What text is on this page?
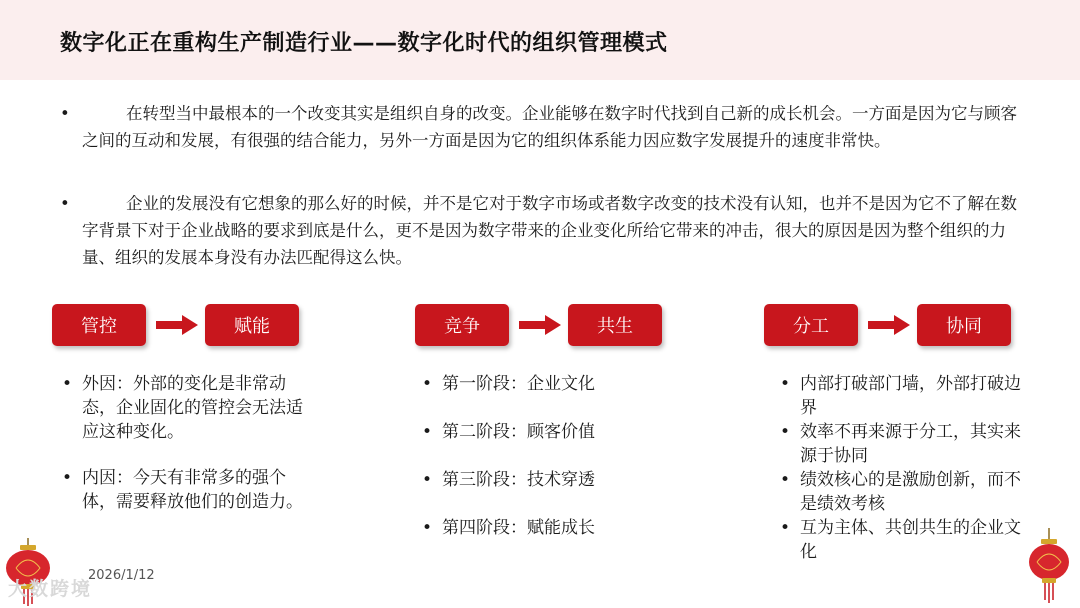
数字化正在重构生产制造行业——数字化时代的组织管理模式
•	在转型当中最根本的一个改变其实是组织自身的改变。企业能够在数字时代找到自己新的成长机会。一方面是因为它与顾客之间的互动和发展，有很强的结合能力，另外一方面是因为它的组织体系能力因应数字发展提升的速度非常快。
•	企业的发展没有它想象的那么好的时候，并不是它对于数字市场或者数字改变的技术没有认知，也并不是因为它不了解在数字背景下对于企业战略的要求到底是什么，更不是因为数字带来的企业变化所给它带来的冲击，很大的原因是因为整个组织的力量、组织的发展本身没有办法匹配得这么快。
管控	赋能	竞争	共生	分工	协同
• 外因：外部的变化是非常动态，企业固化的管控会无法适应这种变化。
• 内因：今天有非常多的强个体，需要释放他们的创造力。
• 第一阶段：企业文化
• 第二阶段：顾客价值
• 第三阶段：技术穿透
• 第四阶段：赋能成长
• 内部打破部门墙，外部打破边界
• 效率不再来源于分工，其实来源于协同
• 绩效核心的是激励创新，而不是绩效考核
• 互为主体、共创共生的企业文化
2026/1/12
大数跨境
